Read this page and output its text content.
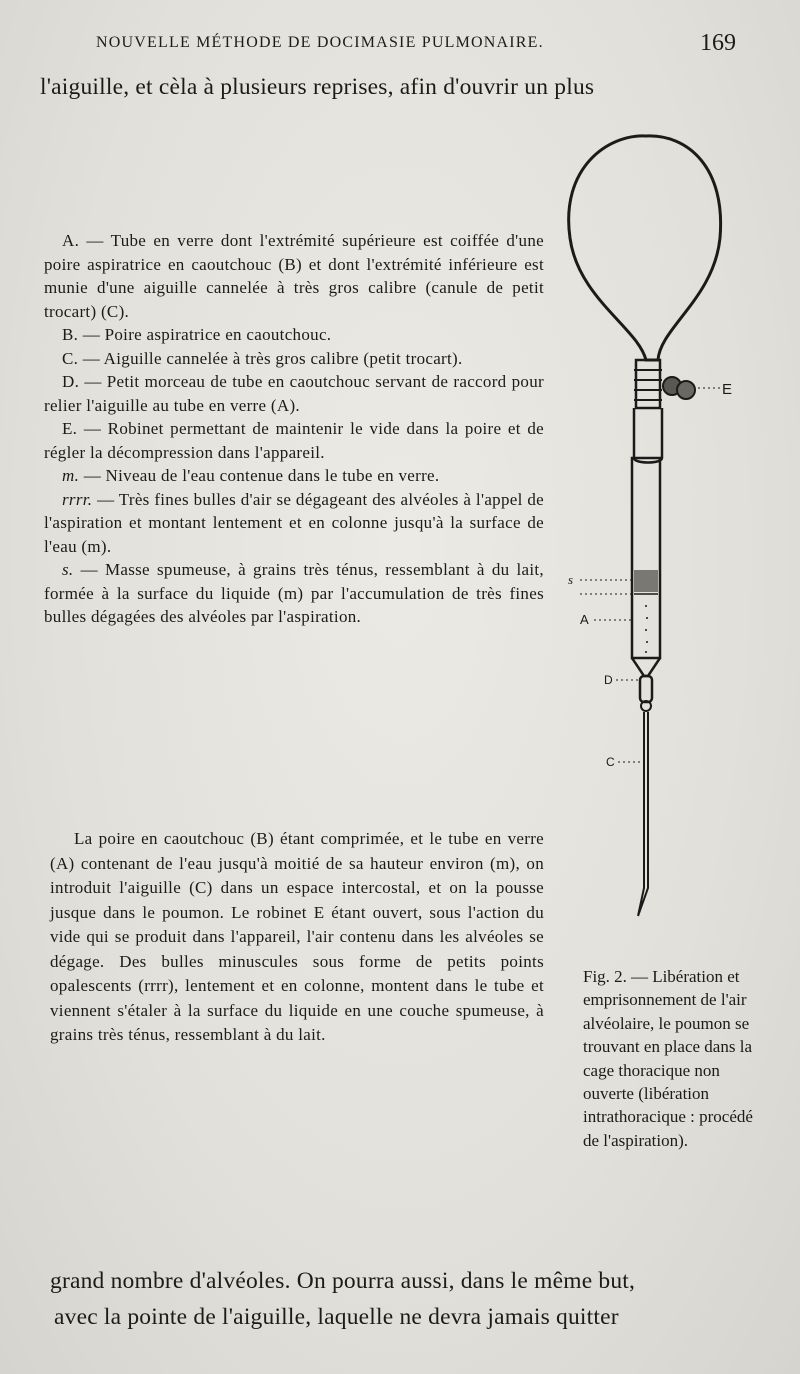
NOUVELLE MÉTHODE DE DOCIMASIE PULMONAIRE.	169
l'aiguille, et cèla à plusieurs reprises, afin d'ouvrir un plus

A. — Tube en verre dont l'extrémité supérieure est coiffée d'une poire aspiratrice en caoutchouc (B) et dont l'extrémité inférieure est munie d'une aiguille cannelée à très gros calibre (canule de petit trocart) (C).

B. — Poire aspiratrice en caoutchouc.

C. — Aiguille cannelée à très gros calibre (petit trocart).

D. — Petit morceau de tube en caoutchouc servant de raccord pour relier l'aiguille au tube en verre (A).

E. — Robinet permettant de maintenir le vide dans la poire et de régler la décompression dans l'appareil.

m. — Niveau de l'eau contenue dans le tube en verre.

rrrr. — Très fines bulles d'air se dégageant des alvéoles à l'appel de l'aspiration et montant lentement et en colonne jusqu'à la surface de l'eau (m).

s. — Masse spumeuse, à grains très ténus, ressemblant à du lait, formée à la surface du liquide (m) par l'accumulation de très fines bulles dégagées des alvéoles par l'aspiration.

La poire en caoutchouc (B) étant comprimée, et le tube en verre (A) contenant de l'eau jusqu'à moitié de sa hauteur environ (m), on introduit l'aiguille (C) dans un espace intercostal, et on la pousse jusque dans le poumon. Le robinet E étant ouvert, sous l'action du vide qui se produit dans l'appareil, l'air contenu dans les alvéoles se dégage. Des bulles minuscules sous forme de petits points opalescents (rrrr), lentement et en colonne, montent dans le tube et viennent s'étaler à la surface du liquide en une couche spumeuse, à grains très ténus, ressemblant à du lait.

E
s
A
D
C

Fig. 2. — Libération et emprisonnement de l'air alvéolaire, le poumon se trouvant en place dans la cage thoracique non ouverte (libération intrathoracique : procédé de l'aspiration).

grand nombre d'alvéoles. On pourra aussi, dans le même but,
avec la pointe de l'aiguille, laquelle ne devra jamais quitter
